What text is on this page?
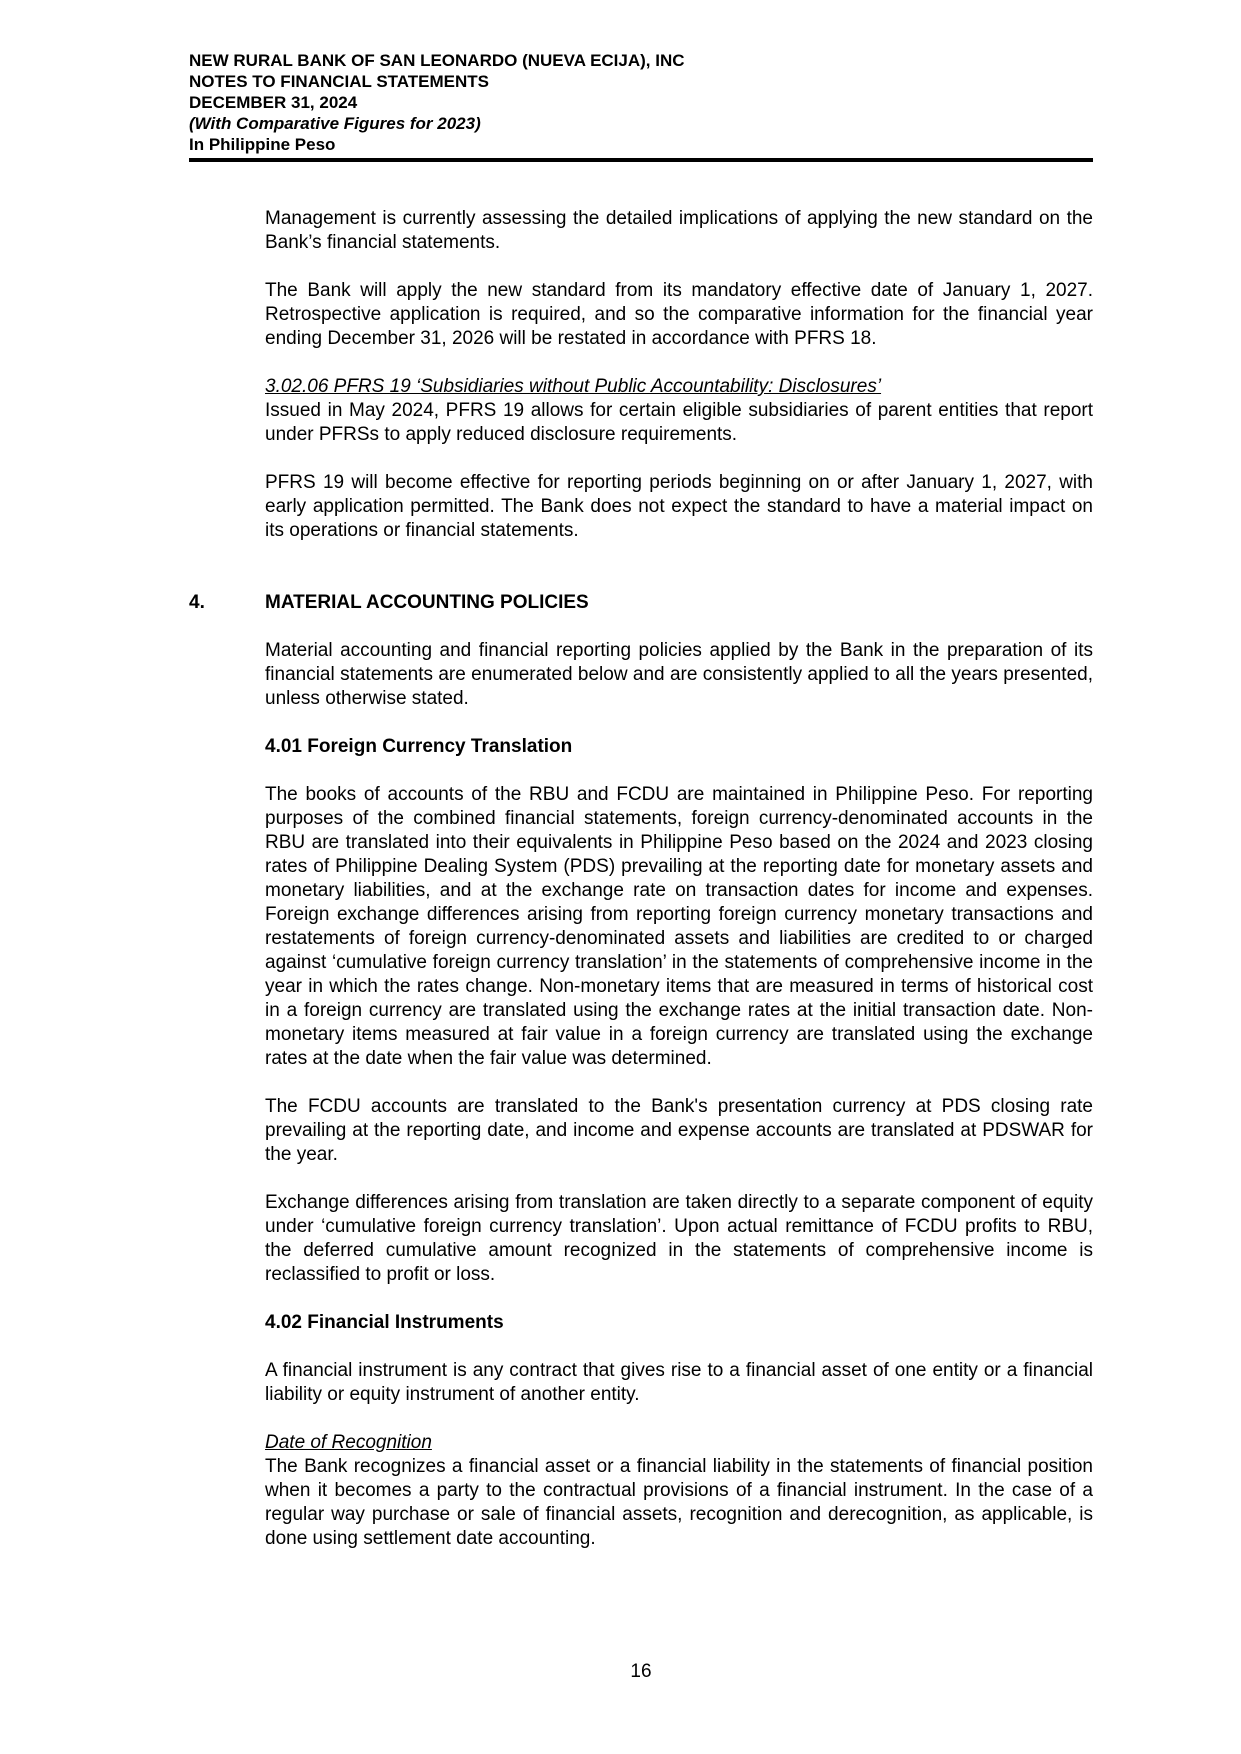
NEW RURAL BANK OF SAN LEONARDO (NUEVA ECIJA), INC
NOTES TO FINANCIAL STATEMENTS
DECEMBER 31, 2024
(With Comparative Figures for 2023)
In Philippine Peso

Management is currently assessing the detailed implications of applying the new standard on the Bank’s financial statements.

The Bank will apply the new standard from its mandatory effective date of January 1, 2027. Retrospective application is required, and so the comparative information for the financial year ending December 31, 2026 will be restated in accordance with PFRS 18.

3.02.06 PFRS 19 ‘Subsidiaries without Public Accountability: Disclosures’

Issued in May 2024, PFRS 19 allows for certain eligible subsidiaries of parent entities that report under PFRSs to apply reduced disclosure requirements.

PFRS 19 will become effective for reporting periods beginning on or after January 1, 2027, with early application permitted. The Bank does not expect the standard to have a material impact on its operations or financial statements.

4.	MATERIAL ACCOUNTING POLICIES

Material accounting and financial reporting policies applied by the Bank in the preparation of its financial statements are enumerated below and are consistently applied to all the years presented, unless otherwise stated.

4.01 Foreign Currency Translation

The books of accounts of the RBU and FCDU are maintained in Philippine Peso. For reporting purposes of the combined financial statements, foreign currency-denominated accounts in the RBU are translated into their equivalents in Philippine Peso based on the 2024 and 2023 closing rates of Philippine Dealing System (PDS) prevailing at the reporting date for monetary assets and monetary liabilities, and at the exchange rate on transaction dates for income and expenses. Foreign exchange differences arising from reporting foreign currency monetary transactions and restatements of foreign currency-denominated assets and liabilities are credited to or charged against ‘cumulative foreign currency translation’ in the statements of comprehensive income in the year in which the rates change. Non-monetary items that are measured in terms of historical cost in a foreign currency are translated using the exchange rates at the initial transaction date. Non-monetary items measured at fair value in a foreign currency are translated using the exchange rates at the date when the fair value was determined.

The FCDU accounts are translated to the Bank's presentation currency at PDS closing rate prevailing at the reporting date, and income and expense accounts are translated at PDSWAR for the year.

Exchange differences arising from translation are taken directly to a separate component of equity under ‘cumulative foreign currency translation’. Upon actual remittance of FCDU profits to RBU, the deferred cumulative amount recognized in the statements of comprehensive income is reclassified to profit or loss.

4.02 Financial Instruments

A financial instrument is any contract that gives rise to a financial asset of one entity or a financial liability or equity instrument of another entity.

Date of Recognition

The Bank recognizes a financial asset or a financial liability in the statements of financial position when it becomes a party to the contractual provisions of a financial instrument. In the case of a regular way purchase or sale of financial assets, recognition and derecognition, as applicable, is done using settlement date accounting.

16
